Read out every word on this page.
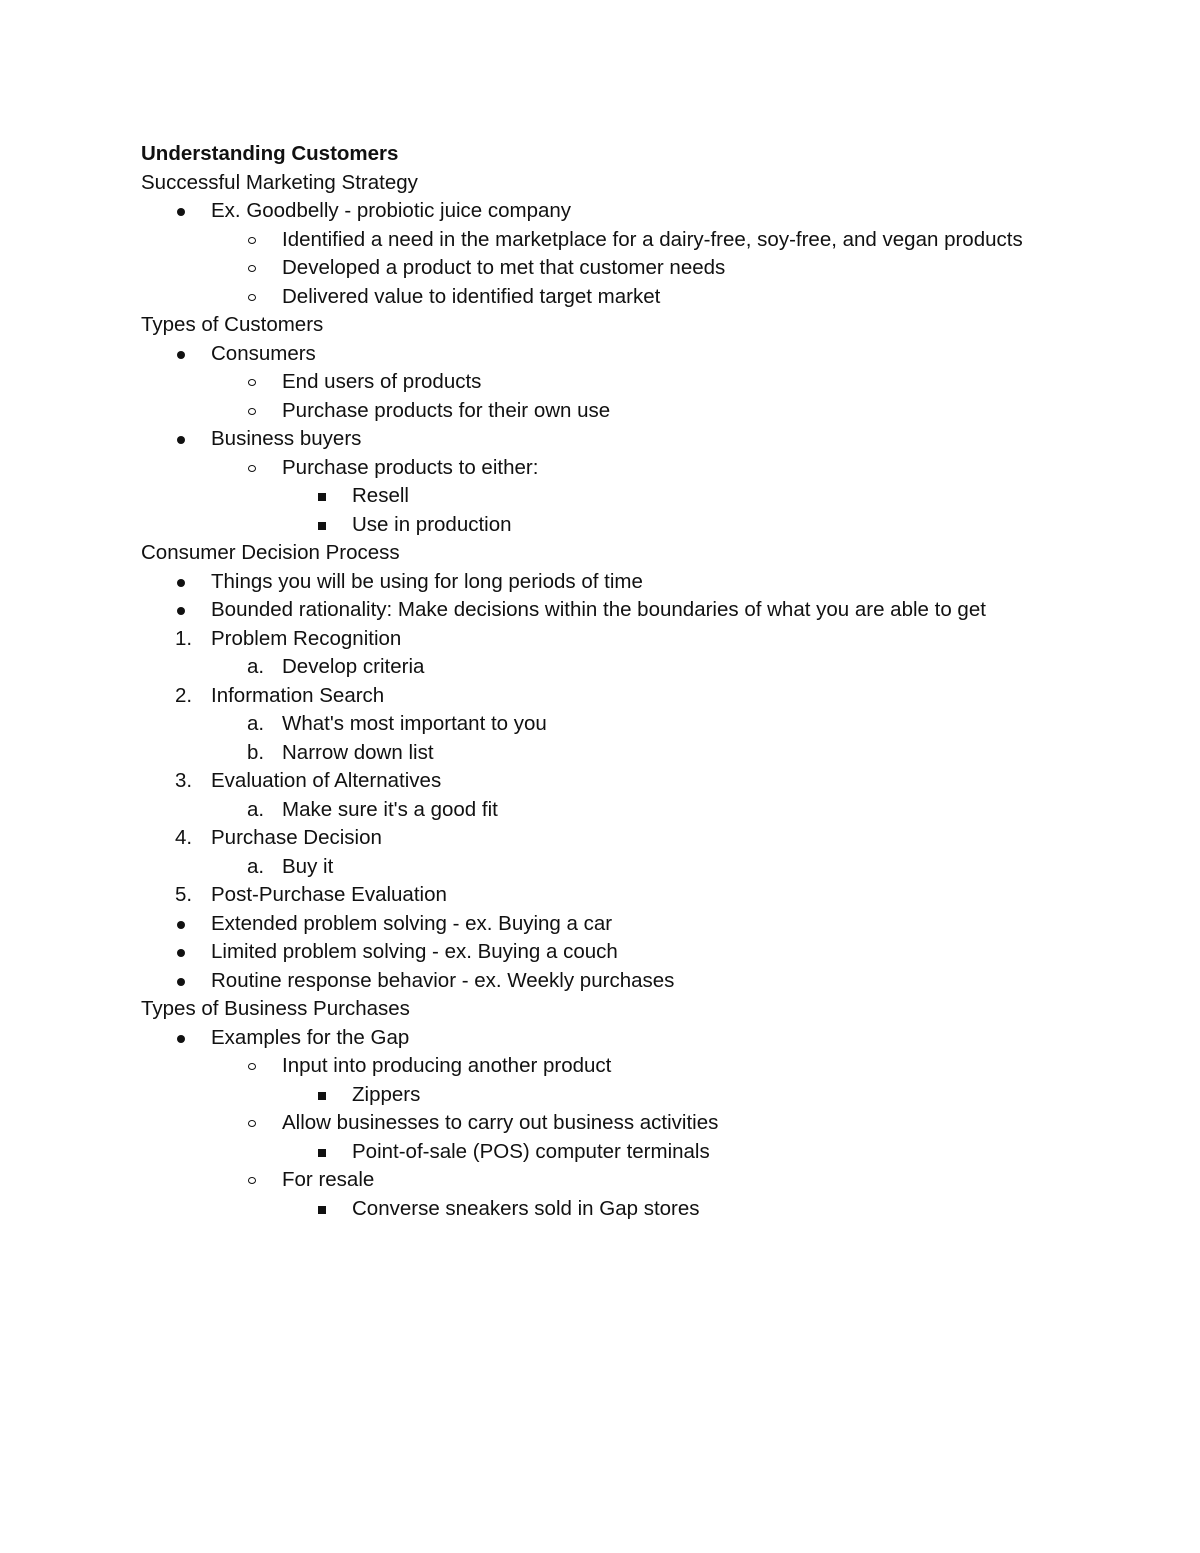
Understanding Customers
Successful Marketing Strategy
Ex. Goodbelly - probiotic juice company
Identified a need in the marketplace for a dairy-free, soy-free, and vegan products
Developed a product to met that customer needs
Delivered value to identified target market
Types of Customers
Consumers
End users of products
Purchase products for their own use
Business buyers
Purchase products to either:
Resell
Use in production
Consumer Decision Process
Things you will be using for long periods of time
Bounded rationality: Make decisions within the boundaries of what you are able to get
1. Problem Recognition
a. Develop criteria
2. Information Search
a. What's most important to you
b. Narrow down list
3. Evaluation of Alternatives
a. Make sure it's a good fit
4. Purchase Decision
a. Buy it
5. Post-Purchase Evaluation
Extended problem solving - ex. Buying a car
Limited problem solving - ex. Buying a couch
Routine response behavior - ex. Weekly purchases
Types of Business Purchases
Examples for the Gap
Input into producing another product
Zippers
Allow businesses to carry out business activities
Point-of-sale (POS) computer terminals
For resale
Converse sneakers sold in Gap stores
